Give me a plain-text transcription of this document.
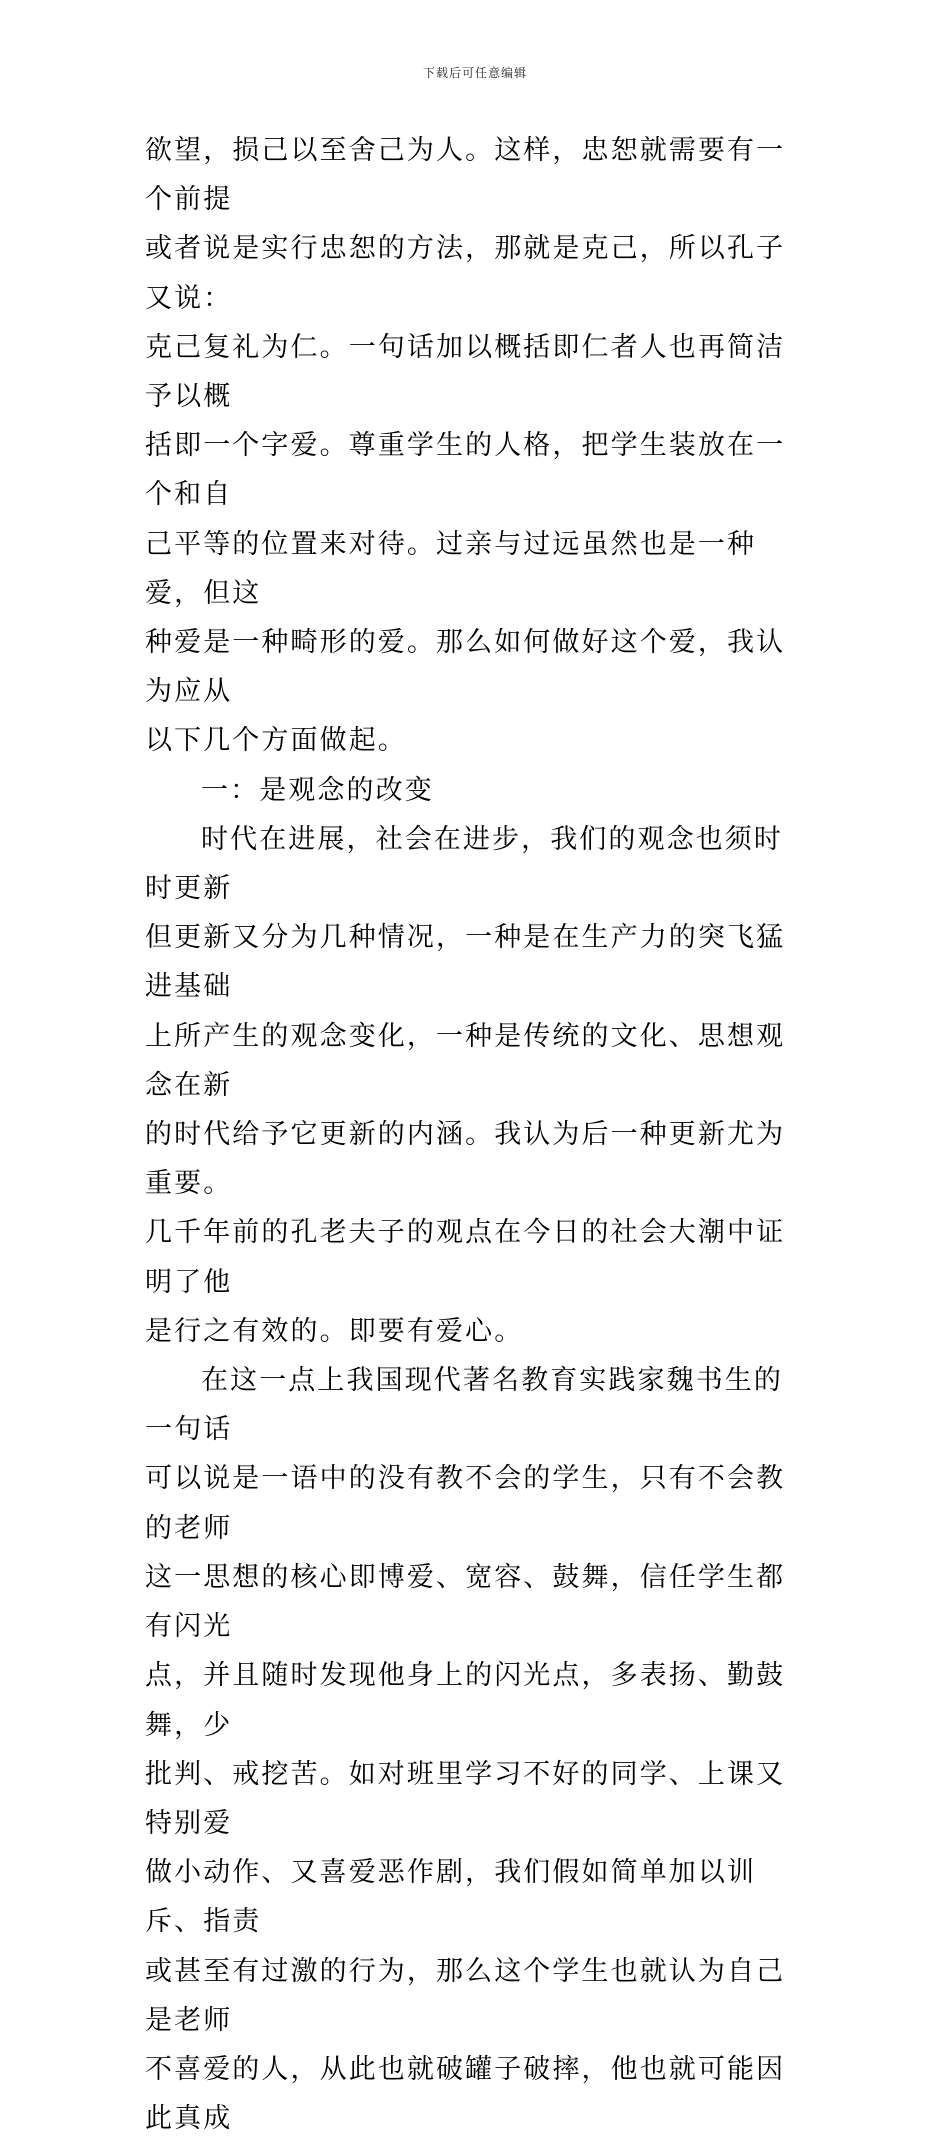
下载后可任意编辑

欲望，损己以至舍己为人。这样，忠恕就需要有一个前提
或者说是实行忠恕的方法，那就是克己，所以孔子又说：
克己复礼为仁。一句话加以概括即仁者人也再简洁予以概
括即一个字爱。尊重学生的人格，把学生装放在一个和自
己平等的位置来对待。过亲与过远虽然也是一种爱，但这
种爱是一种畸形的爱。那么如何做好这个爱，我认为应从
以下几个方面做起。

一：是观念的改变

时代在进展，社会在进步，我们的观念也须时时更新
但更新又分为几种情况，一种是在生产力的突飞猛进基础
上所产生的观念变化，一种是传统的文化、思想观念在新
的时代给予它更新的内涵。我认为后一种更新尤为重要。
几千年前的孔老夫子的观点在今日的社会大潮中证明了他
是行之有效的。即要有爱心。

在这一点上我国现代著名教育实践家魏书生的一句话
可以说是一语中的没有教不会的学生，只有不会教的老师
这一思想的核心即博爱、宽容、鼓舞，信任学生都有闪光
点，并且随时发现他身上的闪光点，多表扬、勤鼓舞，少
批判、戒挖苦。如对班里学习不好的同学、上课又特别爱
做小动作、又喜爱恶作剧，我们假如简单加以训斥、指责
或甚至有过激的行为，那么这个学生也就认为自己是老师
不喜爱的人，从此也就破罐子破摔，他也就可能因此真成
